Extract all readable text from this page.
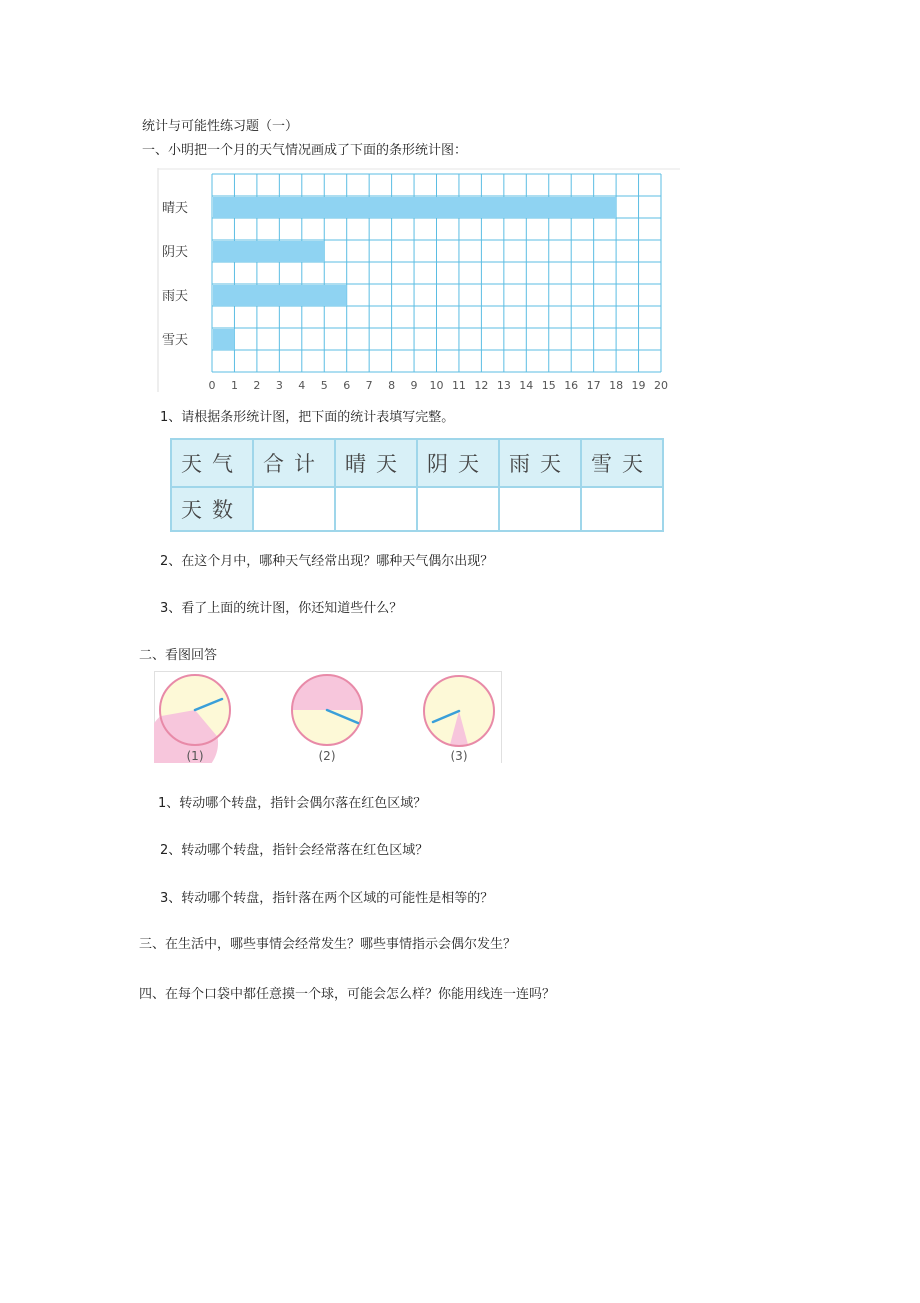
统计与可能性练习题（一）
一、小明把一个月的天气情况画成了下面的条形统计图：
晴天
阴天
雨天
雪天
0 1 2 3 4 5 6 7 8 9 10 11 12 13 14 15 16 17 18 19 20
1、请根据条形统计图，把下面的统计表填写完整。
天气	合计	晴天	阴天	雨天	雪天
天数					
2、在这个月中，哪种天气经常出现？哪种天气偶尔出现？
3、看了上面的统计图，你还知道些什么？
二、看图回答
(1)	(2)	(3)
1、转动哪个转盘，指针会偶尔落在红色区域？
2、转动哪个转盘，指针会经常落在红色区域？
3、转动哪个转盘，指针落在两个区域的可能性是相等的？
三、在生活中，哪些事情会经常发生？哪些事情指示会偶尔发生？
四、在每个口袋中都任意摸一个球，可能会怎么样？你能用线连一连吗？
